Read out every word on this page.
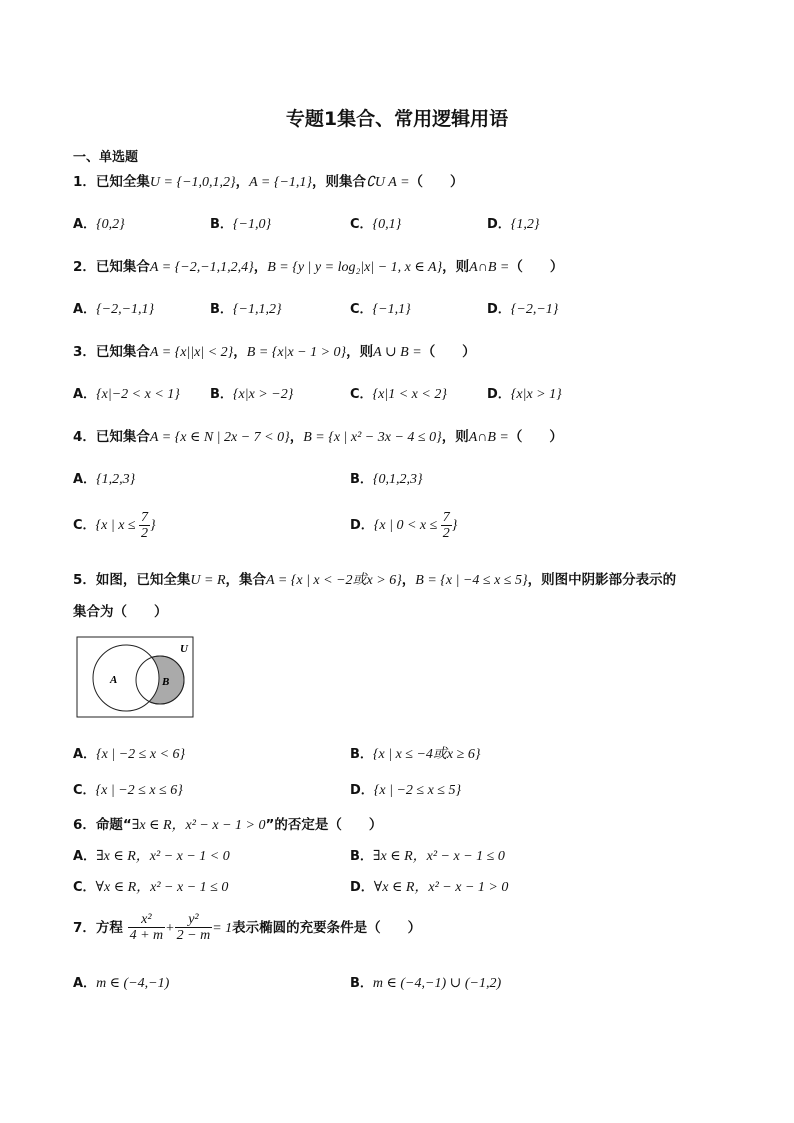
专题1集合、常用逻辑用语
一、单选题
1．已知全集U = {−1,0,1,2}，A = {−1,1}，则集合∁U A =（　　）
A．{0,2}	B．{−1,0}	C．{0,1}	D．{1,2}
2．已知集合A = {−2,−1,1,2,4}，B = {y | y = log₂|x| − 1, x ∈ A}，则A∩B =（　　）
A．{−2,−1,1}	B．{−1,1,2}	C．{−1,1}	D．{−2,−1}
3．已知集合A = {x||x| < 2}，B = {x|x − 1 > 0}，则A ∪ B =（　　）
A．{x|−2 < x < 1} B．{x|x > −2}	C．{x|1 < x < 2}	D．{x|x > 1}
4．已知集合A = {x ∈ N | 2x − 7 < 0}，B = {x | x² − 3x − 4 ≤ 0}，则A∩B =（　　）
A．{1,2,3}	B．{0,1,2,3}
C．{x | $x \le \frac{7}{2}$ }	D．{x | $0 < x \le \frac{7}{2}$ }
5．如图，已知全集U = R，集合A = {x | x < −2或x > 6}，B = {x | −4 ≤ x ≤ 5}，则图中阴影部分表示的
集合为（　　）
U
A	B
A．{x | −2 ≤ x < 6}	B．{x | x ≤ −4或x ≥ 6}
C．{x | −2 ≤ x ≤ 6}	D．{x | −2 ≤ x ≤ 5}
6．命题“∃x ∈ R，x² − x − 1 > 0”的否定是（　　）
A．∃x ∈ R，x² − x − 1 < 0	B．∃x ∈ R，x² − x − 1 ≤ 0
C．∀x ∈ R，x² − x − 1 ≤ 0	D．∀x ∈ R，x² − x − 1 > 0
7．方程 $\frac{\text{x²}}{4 + m} + \frac{\text{y²}}{2 - m} = 1$表示椭圆的充要条件是（　　）
A．m ∈ (−4,−1)	B．m ∈ (−4,−1) ∪ (−1,2)
